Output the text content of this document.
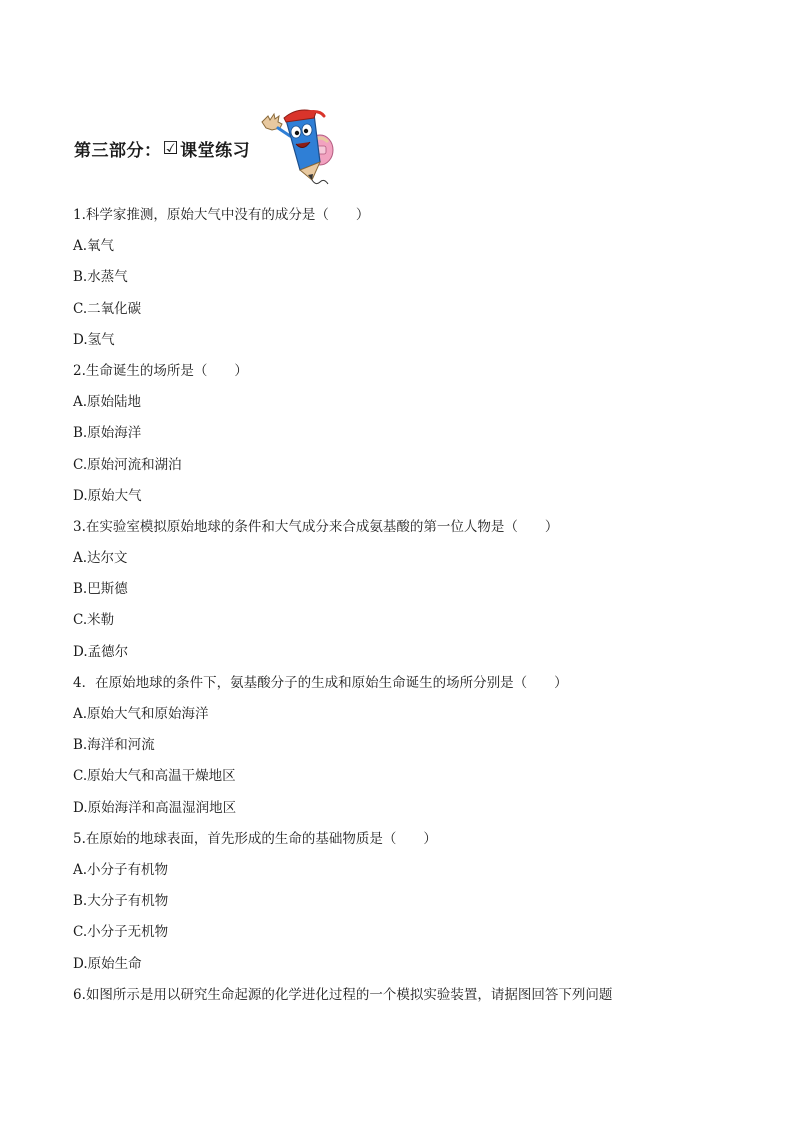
第三部分： ☑ 课堂练习
1.科学家推测，原始大气中没有的成分是（　　）
A.氧气
B.水蒸气
C.二氧化碳
D.氢气
2.生命诞生的场所是（　　）
A.原始陆地
B.原始海洋
C.原始河流和湖泊
D.原始大气
3.在实验室模拟原始地球的条件和大气成分来合成氨基酸的第一位人物是（　　）
A.达尔文
B.巴斯德
C.米勒
D.孟德尔
4．在原始地球的条件下，氨基酸分子的生成和原始生命诞生的场所分别是（　　）
A.原始大气和原始海洋
B.海洋和河流
C.原始大气和高温干燥地区
D.原始海洋和高温湿润地区
5.在原始的地球表面，首先形成的生命的基础物质是（　　）
A.小分子有机物
B.大分子有机物
C.小分子无机物
D.原始生命
6.如图所示是用以研究生命起源的化学进化过程的一个模拟实验装置，请据图回答下列问题
